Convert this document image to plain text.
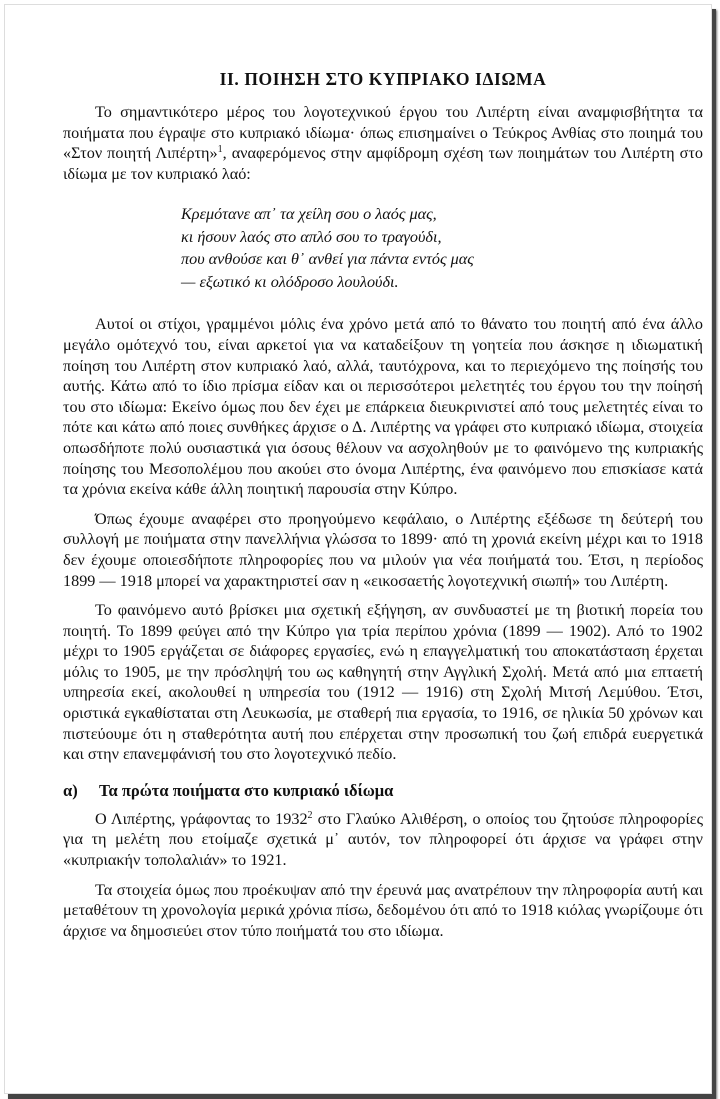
II. ΠΟΙΗΣΗ ΣΤΟ ΚΥΠΡΙΑΚΟ ΙΔΙΩΜΑ

Το σημαντικότερο μέρος του λογοτεχνικού έργου του Λιπέρτη είναι αναμφισβήτητα τα ποιήματα που έγραψε στο κυπριακό ιδίωμα· όπως επισημαίνει ο Τεύκρος Ανθίας στο ποιημά του «Στον ποιητή Λιπέρτη»$^1$, αναφερόμενος στην αμφίδρομη σχέση των ποιημάτων του Λιπέρτη στο ιδίωμα με τον κυπριακό λαό:

Κρεμότανε απ᾿ τα χείλη σου ο λαός μας,
κι ήσουν λαός στο απλό σου το τραγούδι,
που ανθούσε και θ᾿ ανθεί για πάντα εντός μας
— εξωτικό κι ολόδροσο λουλούδι.

Αυτοί οι στίχοι, γραμμένοι μόλις ένα χρόνο μετά από το θάνατο του ποιητή από ένα άλλο μεγάλο ομότεχνό του, είναι αρκετοί για να καταδείξουν τη γοητεία που άσκησε η ιδιωματική ποίηση του Λιπέρτη στον κυπριακό λαό, αλλά, ταυτόχρονα, και το περιεχόμενο της ποίησής του αυτής. Κάτω από το ίδιο πρίσμα είδαν και οι περισσότεροι μελετητές του έργου του την ποίησή του στο ιδίωμα: Εκείνο όμως που δεν έχει με επάρκεια διευκρινιστεί από τους μελετητές είναι το πότε και κάτω από ποιες συνθήκες άρχισε ο Δ. Λιπέρτης να γράφει στο κυπριακό ιδίωμα, στοιχεία οπωσδήποτε πολύ ουσιαστικά για όσους θέλουν να ασχοληθούν με το φαινόμενο της κυπριακής ποίησης του Μεσοπολέμου που ακούει στο όνομα Λιπέρτης, ένα φαινόμενο που επισκίασε κατά τα χρόνια εκείνα κάθε άλλη ποιητική παρουσία στην Κύπρο.

Όπως έχουμε αναφέρει στο προηγούμενο κεφάλαιο, ο Λιπέρτης εξέδωσε τη δεύτερή του συλλογή με ποιήματα στην πανελλήνια γλώσσα το 1899· από τη χρονιά εκείνη μέχρι και το 1918 δεν έχουμε οποιεσδήποτε πληροφορίες που να μιλούν για νέα ποιήματά του. Έτσι, η περίοδος 1899 — 1918 μπορεί να χαρακτηριστεί σαν η «εικοσαετής λογοτεχνική σιωπή» του Λιπέρτη.

Το φαινόμενο αυτό βρίσκει μια σχετική εξήγηση, αν συνδυαστεί με τη βιοτική πορεία του ποιητή. Το 1899 φεύγει από την Κύπρο για τρία περίπου χρόνια (1899 — 1902). Από το 1902 μέχρι το 1905 εργάζεται σε διάφορες εργασίες, ενώ η επαγγελματική του αποκατάσταση έρχεται μόλις το 1905, με την πρόσληψή του ως καθηγητή στην Αγγλική Σχολή. Μετά από μια επταετή υπηρεσία εκεί, ακολουθεί η υπηρεσία του (1912 — 1916) στη Σχολή Μιτσή Λεμύθου. Έτσι, οριστικά εγκαθίσταται στη Λευκωσία, με σταθερή πια εργασία, το 1916, σε ηλικία 50 χρόνων και πιστεύουμε ότι η σταθερότητα αυτή που επέρχεται στην προσωπική του ζωή επιδρά ευεργετικά και στην επανεμφάνισή του στο λογοτεχνικό πεδίο.

α)	Τα πρώτα ποιήματα στο κυπριακό ιδίωμα

Ο Λιπέρτης, γράφοντας το 1932$^2$ στο Γλαύκο Αλιθέρση, ο οποίος του ζητούσε πληροφορίες για τη μελέτη που ετοίμαζε σχετικά μ᾿ αυτόν, τον πληροφορεί ότι άρχισε να γράφει στην «κυπριακήν τοπολαλιάν» το 1921.

Τα στοιχεία όμως που προέκυψαν από την έρευνά μας ανατρέπουν την πληροφορία αυτή και μεταθέτουν τη χρονολογία μερικά χρόνια πίσω, δεδομένου ότι από το 1918 κιόλας γνωρίζουμε ότι άρχισε να δημοσιεύει στον τύπο ποιήματά του στο ιδίωμα.
